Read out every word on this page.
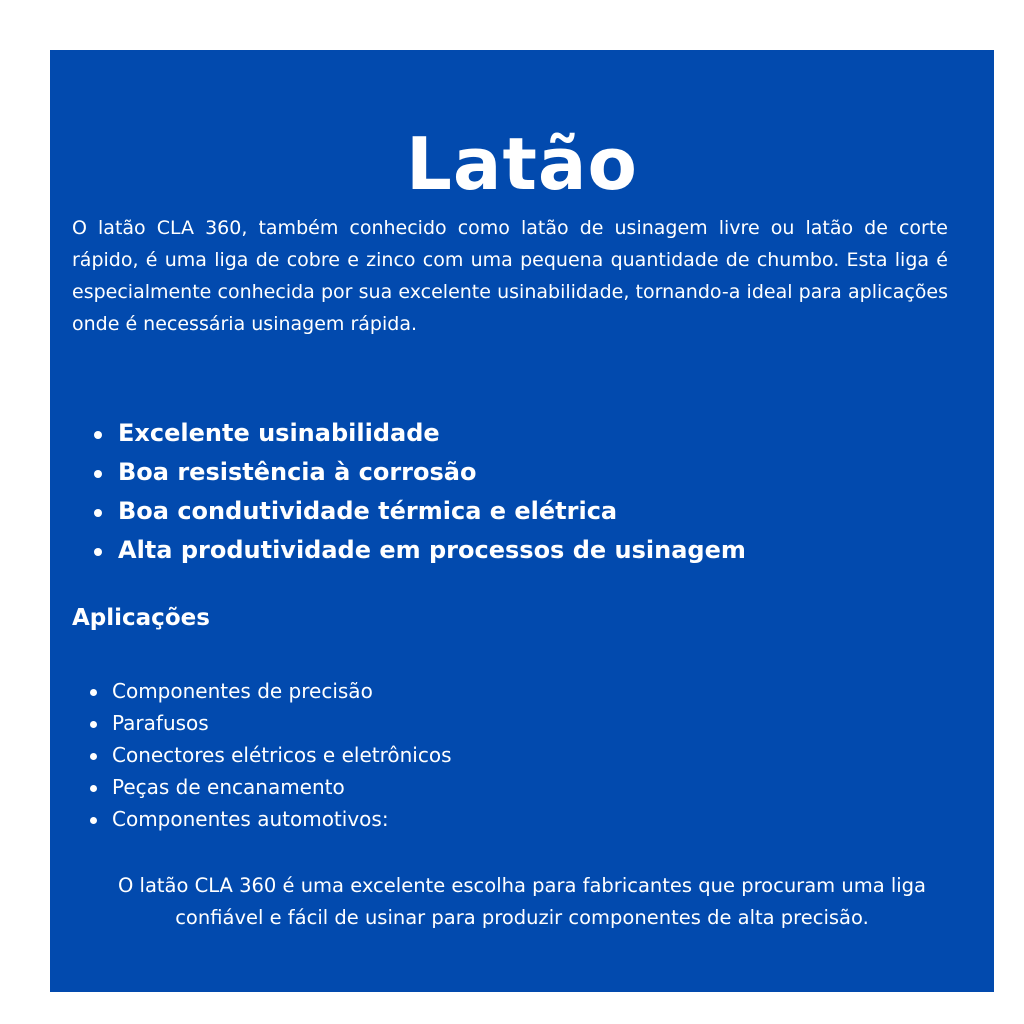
Latão

O latão CLA 360, também conhecido como latão de usinagem livre ou latão de corte rápido, é uma liga de cobre e zinco com uma pequena quantidade de chumbo. Esta liga é especialmente conhecida por sua excelente usinabilidade, tornando-a ideal para aplicações onde é necessária usinagem rápida.

Excelente usinabilidade
Boa resistência à corrosão
Boa condutividade térmica e elétrica
Alta produtividade em processos de usinagem
Aplicações
Componentes de precisão
Parafusos
Conectores elétricos e eletrônicos
Peças de encanamento
Componentes automotivos:

O latão CLA 360 é uma excelente escolha para fabricantes que procuram uma liga confiável e fácil de usinar para produzir componentes de alta precisão.
